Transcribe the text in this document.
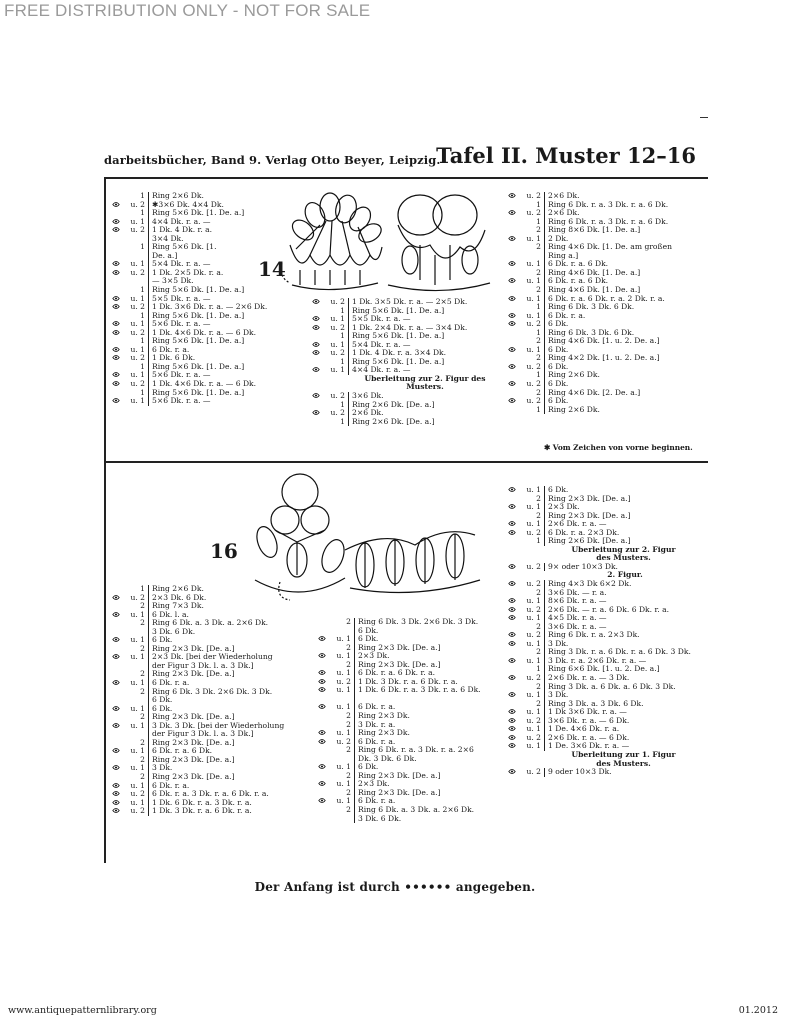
FREE DISTRIBUTION ONLY - NOT FOR SALE
darbeitsbücher, Band 9. Verlag Otto Beyer, Leipzig.
Tafel II. Muster 12–16
14
1 Ring 2×6 Dk.
u. 2 ✱3×6 Dk. 4×4 Dk.
1 Ring 5×6 Dk. [1. De. a.]
u. 1 4×4 Dk. r. a. —
u. 2 1 Dk. 4 Dk. r. a.
3×4 Dk.
1 Ring 5×6 Dk. [1.
De. a.]
u. 1 5×4 Dk. r. a. —
u. 2 1 Dk. 2×5 Dk. r. a.
— 3×5 Dk.
1 Ring 5×6 Dk. [1. De. a.]
u. 1 5×5 Dk. r. a. —
u. 2 1 Dk. 3×6 Dk. r. a. — 2×6 Dk.
1 Ring 5×6 Dk. [1. De. a.]
u. 1 5×6 Dk. r. a. —
u. 2 1 Dk. 4×6 Dk. r. a. — 6 Dk.
1 Ring 5×6 Dk. [1. De. a.]
u. 1 6 Dk. r. a.
u. 2 1 Dk. 6 Dk.
1 Ring 5×6 Dk. [1. De. a.]
u. 1 5×6 Dk. r. a. —
u. 2 1 Dk. 4×6 Dk. r. a. — 6 Dk.
1 Ring 5×6 Dk. [1. De. a.]
u. 1 5×6 Dk. r. a. —
u. 2 1 Dk. 3×5 Dk. r. a. — 2×5 Dk.
1 Ring 5×6 Dk. [1. De. a.]
u. 1 5×5 Dk. r. a. —
u. 2 1 Dk. 2×4 Dk. r. a. — 3×4 Dk.
1 Ring 5×6 Dk. [1. De. a.]
u. 1 5×4 Dk. r. a. —
u. 2 1 Dk. 4 Dk. r. a. 3×4 Dk.
1 Ring 5×6 Dk. [1. De. a.]
u. 1 4×4 Dk. r. a. —
Überleitung zur 2. Figur des
Musters.
u. 2 3×6 Dk.
1 Ring 2×6 Dk. [De. a.]
u. 2 2×6 Dk.
1 Ring 2×6 Dk. [De. a.]
u. 2 2×6 Dk.
1 Ring 6 Dk. r. a. 3 Dk. r. a. 6 Dk.
u. 2 2×6 Dk.
1 Ring 6 Dk. r. a. 3 Dk. r. a. 6 Dk.
2 Ring 8×6 Dk. [1. De. a.]
u. 1 2 Dk.
2 Ring 4×6 Dk. [1. De. am großen
Ring a.]
u. 1 6 Dk. r. a. 6 Dk.
2 Ring 4×6 Dk. [1. De. a.]
u. 1 6 Dk. r. a. 6 Dk.
2 Ring 4×6 Dk. [1. De. a.]
u. 1 6 Dk. r. a. 6 Dk. r. a. 2 Dk. r. a.
1 Ring 6 Dk. 3 Dk. 6 Dk.
u. 1 6 Dk. r. a.
u. 2 6 Dk.
1 Ring 6 Dk. 3 Dk. 6 Dk.
2 Ring 4×6 Dk. [1. u. 2. De. a.]
u. 1 6 Dk.
2 Ring 4×2 Dk. [1. u. 2. De. a.]
u. 2 6 Dk.
1 Ring 2×6 Dk.
u. 2 6 Dk.
2 Ring 4×6 Dk. [2. De. a.]
u. 2 6 Dk.
1 Ring 2×6 Dk.
✱ Vom Zeichen von vorne beginnen.
16
u. 1 6 Dk.
2 Ring 2×3 Dk. [De. a.]
u. 1 2×3 Dk.
2 Ring 2×3 Dk. [De. a.]
u. 1 2×6 Dk. r. a. —
u. 2 6 Dk. r. a. 2×3 Dk.
1 Ring 2×6 Dk. [De. a.]
Überleitung zur 2. Figur
des Musters.
u. 2 9× oder 10×3 Dk.
2. Figur.
u. 2 Ring 4×3 Dk 6×2 Dk.
2 3×6 Dk. — r. a.
u. 1 8×6 Dk. r. a. —
u. 2 2×6 Dk. — r. a. 6 Dk. 6 Dk. r. a.
u. 1 4×5 Dk. r. a. —
2 3×6 Dk. r. a. —
u. 2 Ring 6 Dk. r. a. 2×3 Dk.
u. 1 3 Dk.
2 Ring 3 Dk. r. a. 6 Dk. r. a. 6 Dk. 3 Dk.
u. 1 3 Dk. r. a. 2×6 Dk. r. a. —
1 Ring 6×6 Dk. [1. u. 2. De. a.]
u. 2 2×6 Dk. r. a. — 3 Dk.
2 Ring 3 Dk. a. 6 Dk. a. 6 Dk. 3 Dk.
u. 1 3 Dk.
2 Ring 3 Dk. a. 3 Dk. 6 Dk.
u. 1 1 Dk 3×6 Dk. r. a. —
u. 2 3×6 Dk. r. a. — 6 Dk.
u. 1 1 De. 4×6 Dk. r. a.
u. 2 2×6 Dk. r. a. — 6 Dk.
u. 1 1 De. 3×6 Dk. r. a. —
Überleitung zur 1. Figur
des Musters.
u. 2 9 oder 10×3 Dk.
1 Ring 2×6 Dk.
u. 2 2×3 Dk. 6 Dk.
2 Ring 7×3 Dk.
u. 1 6 Dk. l. a.
2 Ring 6 Dk. a. 3 Dk. a. 2×6 Dk.
3 Dk. 6 Dk.
u. 1 6 Dk.
2 Ring 2×3 Dk. [De. a.]
u. 1 2×3 Dk. [bei der Wiederholung
der Figur 3 Dk. l. a. 3 Dk.]
2 Ring 2×3 Dk. [De. a.]
u. 1 6 Dk. r. a.
2 Ring 6 Dk. 3 Dk. 2×6 Dk. 3 Dk.
6 Dk.
u. 1 6 Dk.
2 Ring 2×3 Dk. [De. a.]
u. 1 3 Dk. 3 Dk. [bei der Wiederholung
der Figur 3 Dk. l. a. 3 Dk.]
2 Ring 2×3 Dk. [De. a.]
u. 1 6 Dk. r. a. 6 Dk.
2 Ring 2×3 Dk. [De. a.]
u. 1 3 Dk.
2 Ring 2×3 Dk. [De. a.]
u. 1 6 Dk. r. a.
u. 2 6 Dk. r. a. 3 Dk. r. a. 6 Dk. r. a.
u. 1 1 Dk. 6 Dk. r. a. 3 Dk. r. a.
u. 2 1 Dk. 3 Dk. r. a. 6 Dk. r. a.
2 Ring 6 Dk. 3 Dk. 2×6 Dk. 3 Dk.
6 Dk.
u. 1 6 Dk.
2 Ring 2×3 Dk. [De. a.]
u. 1 2×3 Dk.
2 Ring 2×3 Dk. [De. a.]
u. 1 6 Dk. r. a. 6 Dk. r. a.
u. 2 1 Dk. 3 Dk. r. a. 6 Dk. r. a.
u. 1 1 Dk. 6 Dk. r. a. 3 Dk. r. a. 6 Dk.
u. 1 6 Dk. r. a.
2 Ring 2×3 Dk.
2 3 Dk. r. a.
u. 1 Ring 2×3 Dk.
u. 2 6 Dk. r. a.
2 Ring 6 Dk. r. a. 3 Dk. r. a. 2×6
Dk. 3 Dk. 6 Dk.
u. 1 6 Dk.
2 Ring 2×3 Dk. [De. a.]
u. 1 2×3 Dk.
2 Ring 2×3 Dk. [De. a.]
u. 1 6 Dk. r. a.
2 Ring 6 Dk. a. 3 Dk. a. 2×6 Dk.
3 Dk. 6 Dk.
Der Anfang ist durch •••••• angegeben.
www.antiquepatternlibrary.org	01.2012
